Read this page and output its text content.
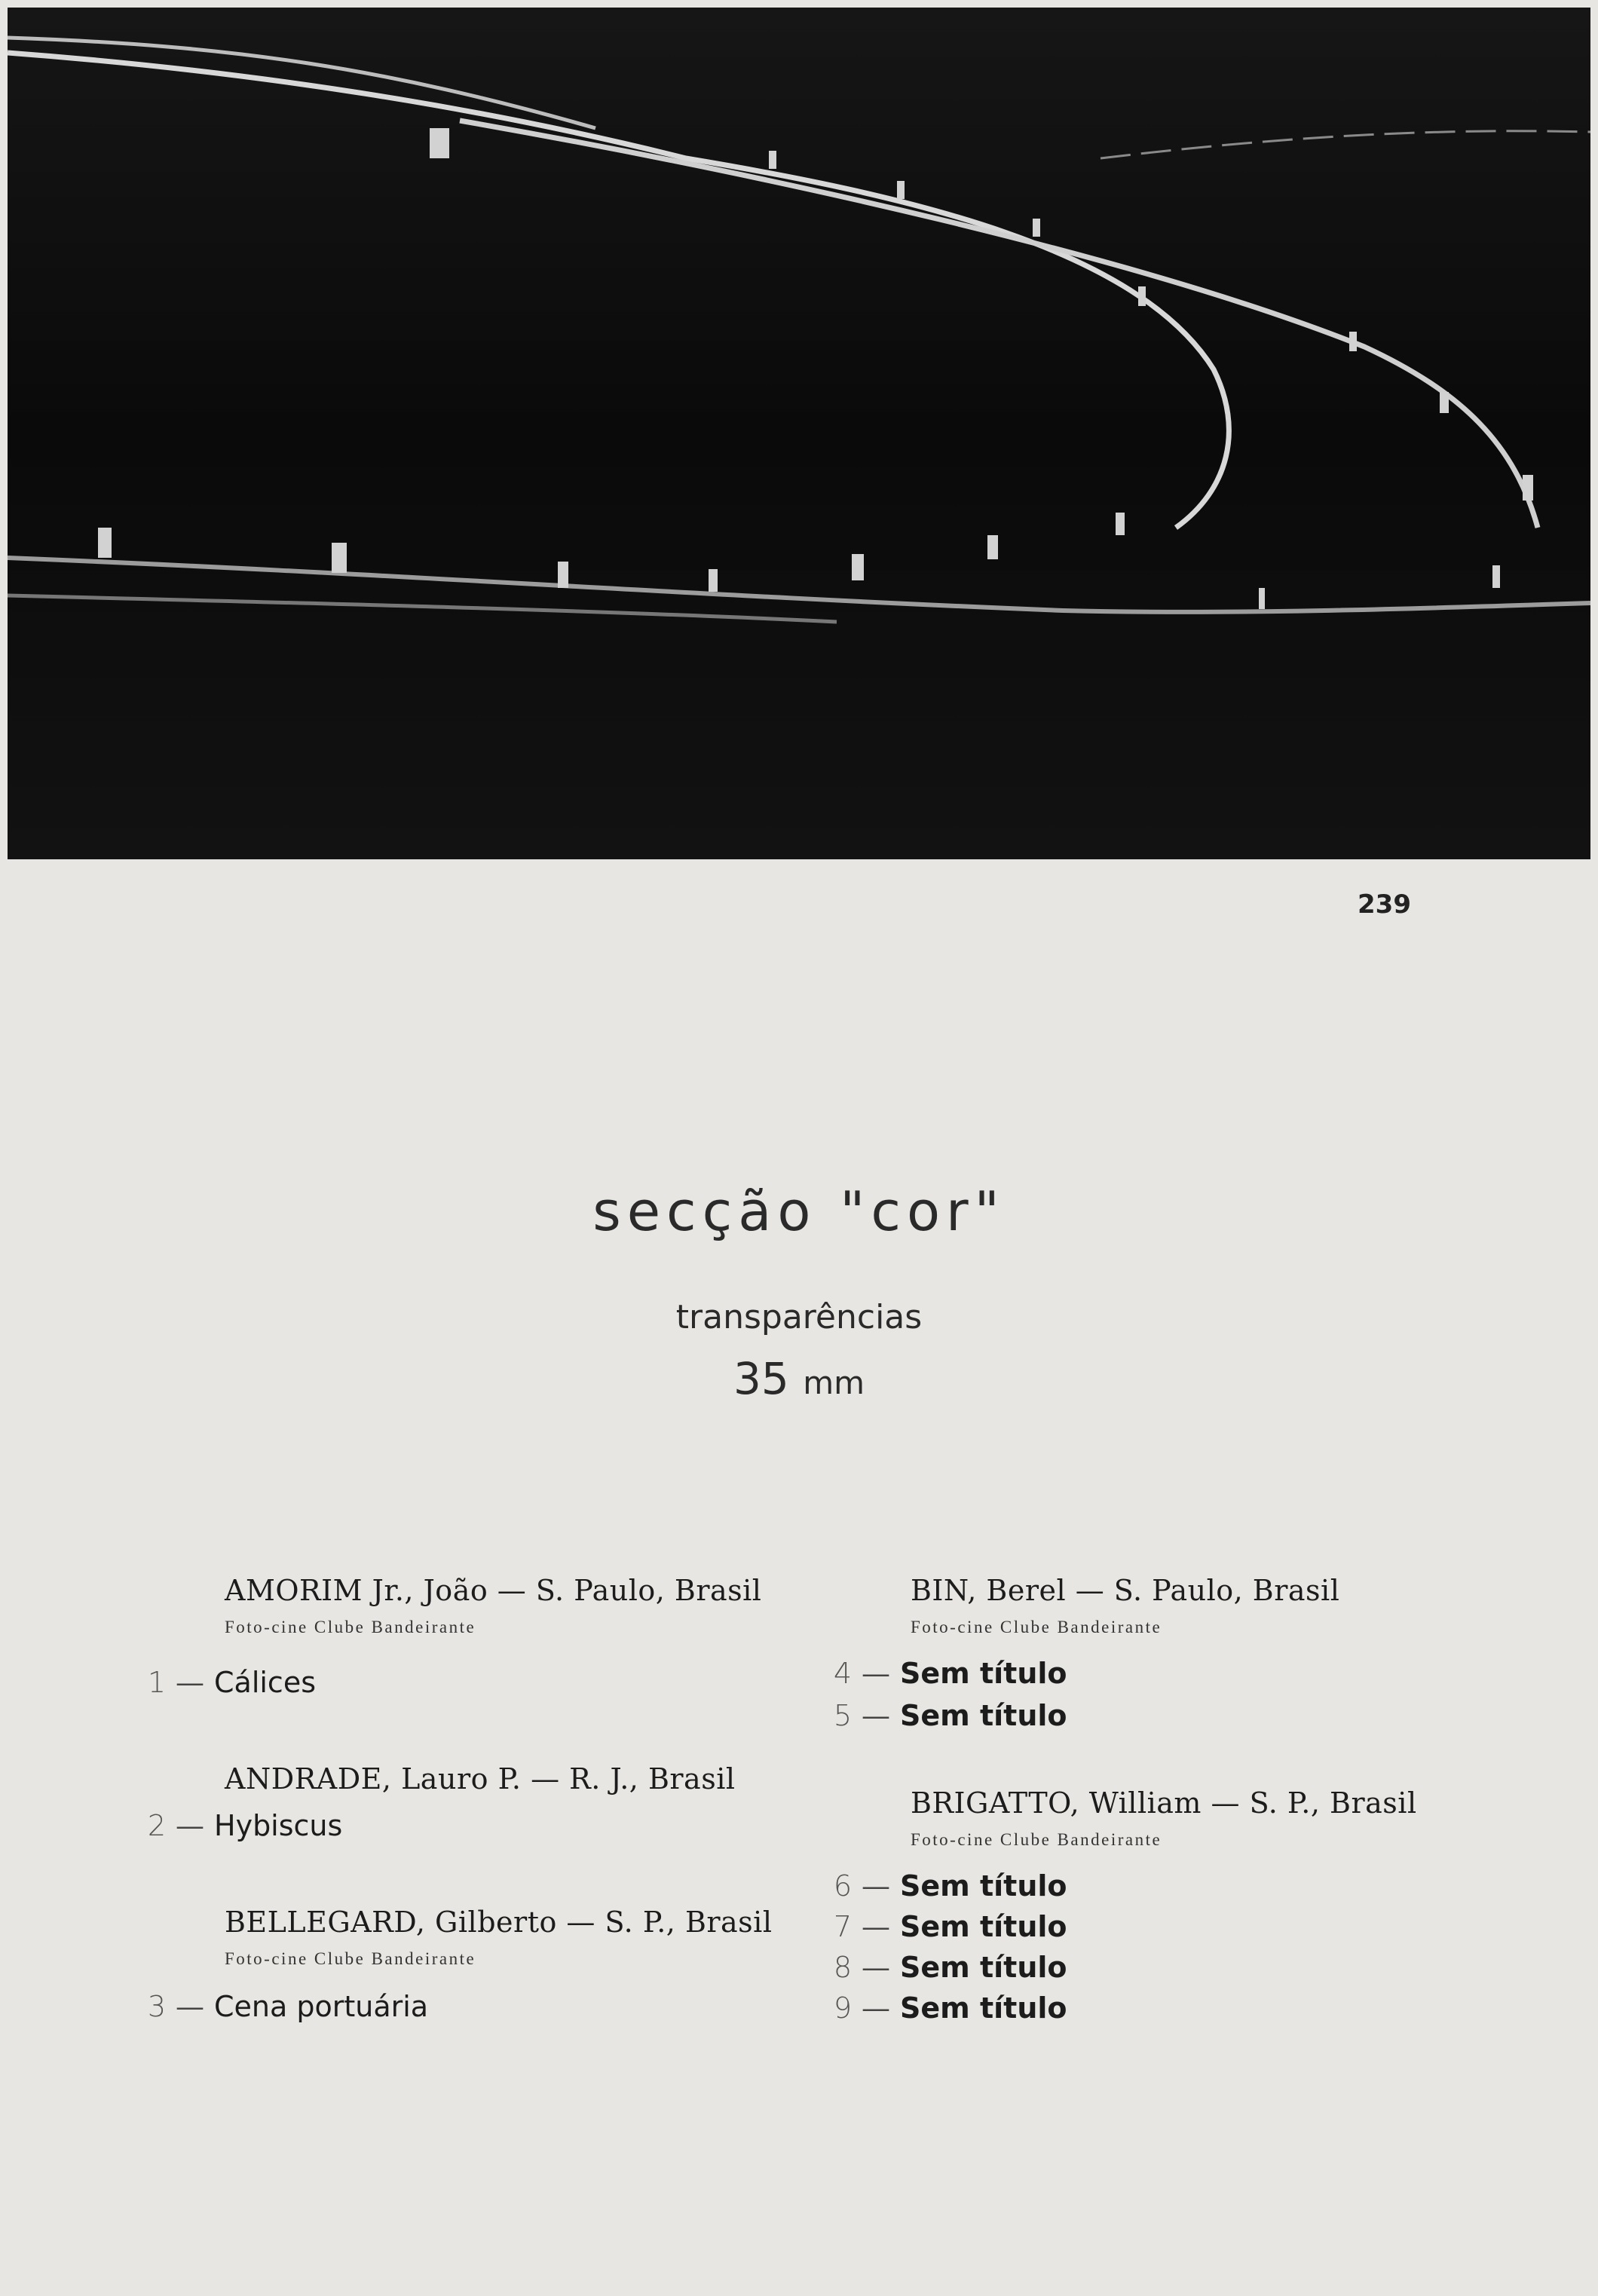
239
secção "cor"
transparências
35 mm
AMORIM Jr., João — S. Paulo, Brasil
Foto-cine Clube Bandeirante
1 — Cálices
ANDRADE, Lauro P. — R. J., Brasil
2 — Hybiscus
BELLEGARD, Gilberto — S. P., Brasil
Foto-cine Clube Bandeirante
3 — Cena portuária
BIN, Berel — S. Paulo, Brasil
Foto-cine Clube Bandeirante
4 — Sem título
5 — Sem título
BRIGATTO, William — S. P., Brasil
Foto-cine Clube Bandeirante
6 — Sem título
7 — Sem título
8 — Sem título
9 — Sem título
